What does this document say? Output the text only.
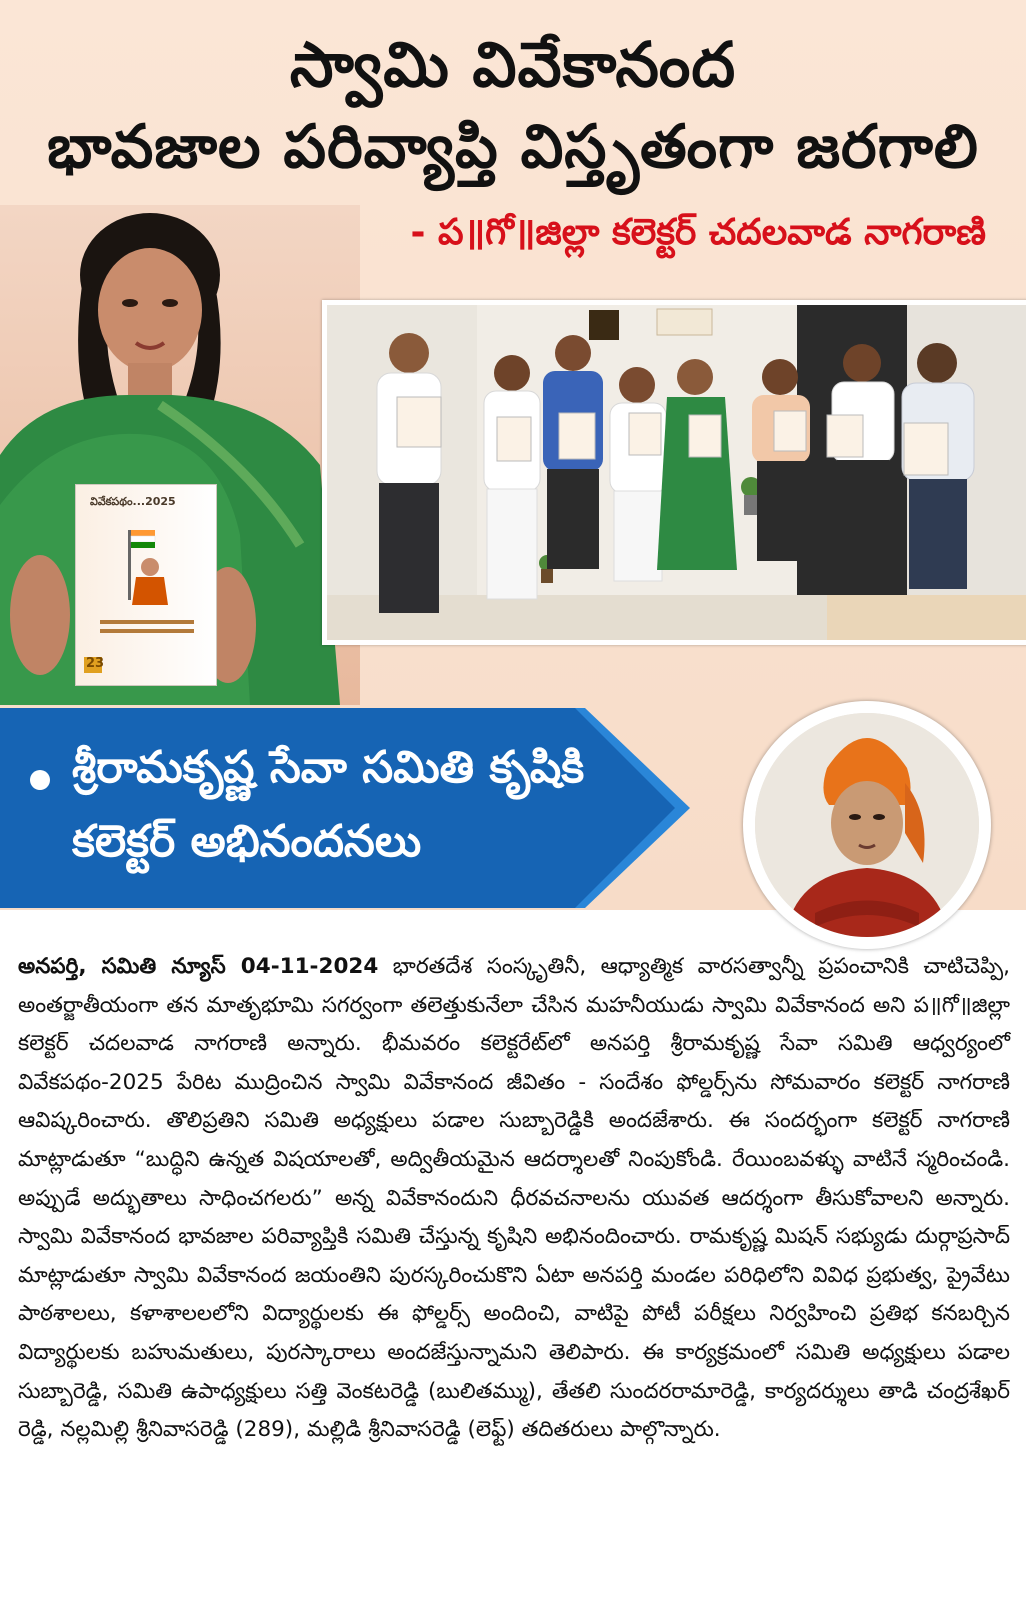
స్వామి వివేకానంద
భావజాల పరివ్యాప్తి విస్తృతంగా జరగాలి
- ప॥గో॥జిల్లా కలెక్టర్ చదలవాడ నాగరాణి
వివేకపథం...2025
23
శ్రీరామకృష్ణ సేవా సమితి కృషికి
కలెక్టర్ అభినందనలు
అనపర్తి, సమితి న్యూస్ 04-11-2024 భారతదేశ సంస్కృతినీ, ఆధ్యాత్మిక వారసత్వాన్నీ ప్రపంచానికి చాటిచెప్పి, అంతర్జాతీయంగా తన మాతృభూమి సగర్వంగా తలెత్తుకునేలా చేసిన మహనీయుడు స్వామి వివేకానంద అని ప॥గో॥జిల్లా కలెక్టర్ చదలవాడ నాగరాణి అన్నారు. భీమవరం కలెక్టరేట్‌లో అనపర్తి శ్రీరామకృష్ణ సేవా సమితి ఆధ్వర్యంలో వివేకపథం-2025 పేరిట ముద్రించిన స్వామి వివేకానంద జీవితం - సందేశం ఫోల్డర్స్‌ను సోమవారం కలెక్టర్ నాగరాణి ఆవిష్కరించారు. తొలిప్రతిని సమితి అధ్యక్షులు పడాల సుబ్బారెడ్డికి అందజేశారు. ఈ సందర్భంగా కలెక్టర్ నాగరాణి మాట్లాడుతూ “బుద్ధిని ఉన్నత విషయాలతో, అద్వితీయమైన ఆదర్శాలతో నింపుకోండి. రేయింబవళ్ళు వాటినే స్మరించండి. అప్పుడే అద్భుతాలు సాధించగలరు” అన్న వివేకానందుని ధీరవచనాలను యువత ఆదర్శంగా తీసుకోవాలని అన్నారు. స్వామి వివేకానంద భావజాల పరివ్యాప్తికి సమితి చేస్తున్న కృషిని అభినందించారు. రామకృష్ణ మిషన్ సభ్యుడు దుర్గాప్రసాద్ మాట్లాడుతూ స్వామి వివేకానంద జయంతిని పురస్కరించుకొని ఏటా అనపర్తి మండల పరిధిలోని వివిధ ప్రభుత్వ, ప్రైవేటు పాఠశాలలు, కళాశాలలలోని విద్యార్థులకు ఈ ఫోల్డర్స్ అందించి, వాటిపై పోటీ పరీక్షలు నిర్వహించి ప్రతిభ కనబర్చిన విద్యార్థులకు బహుమతులు, పురస్కారాలు అందజేస్తున్నామని తెలిపారు. ఈ కార్యక్రమంలో సమితి అధ్యక్షులు పడాల సుబ్బారెడ్డి, సమితి ఉపాధ్యక్షులు సత్తి వెంకటరెడ్డి (బులితమ్ము), తేతలి సుందరరామారెడ్డి, కార్యదర్శులు తాడి చంద్రశేఖర్ రెడ్డి, నల్లమిల్లి శ్రీనివాసరెడ్డి (289), మల్లిడి శ్రీనివాసరెడ్డి (లెఫ్ట్) తదితరులు పాల్గొన్నారు.
